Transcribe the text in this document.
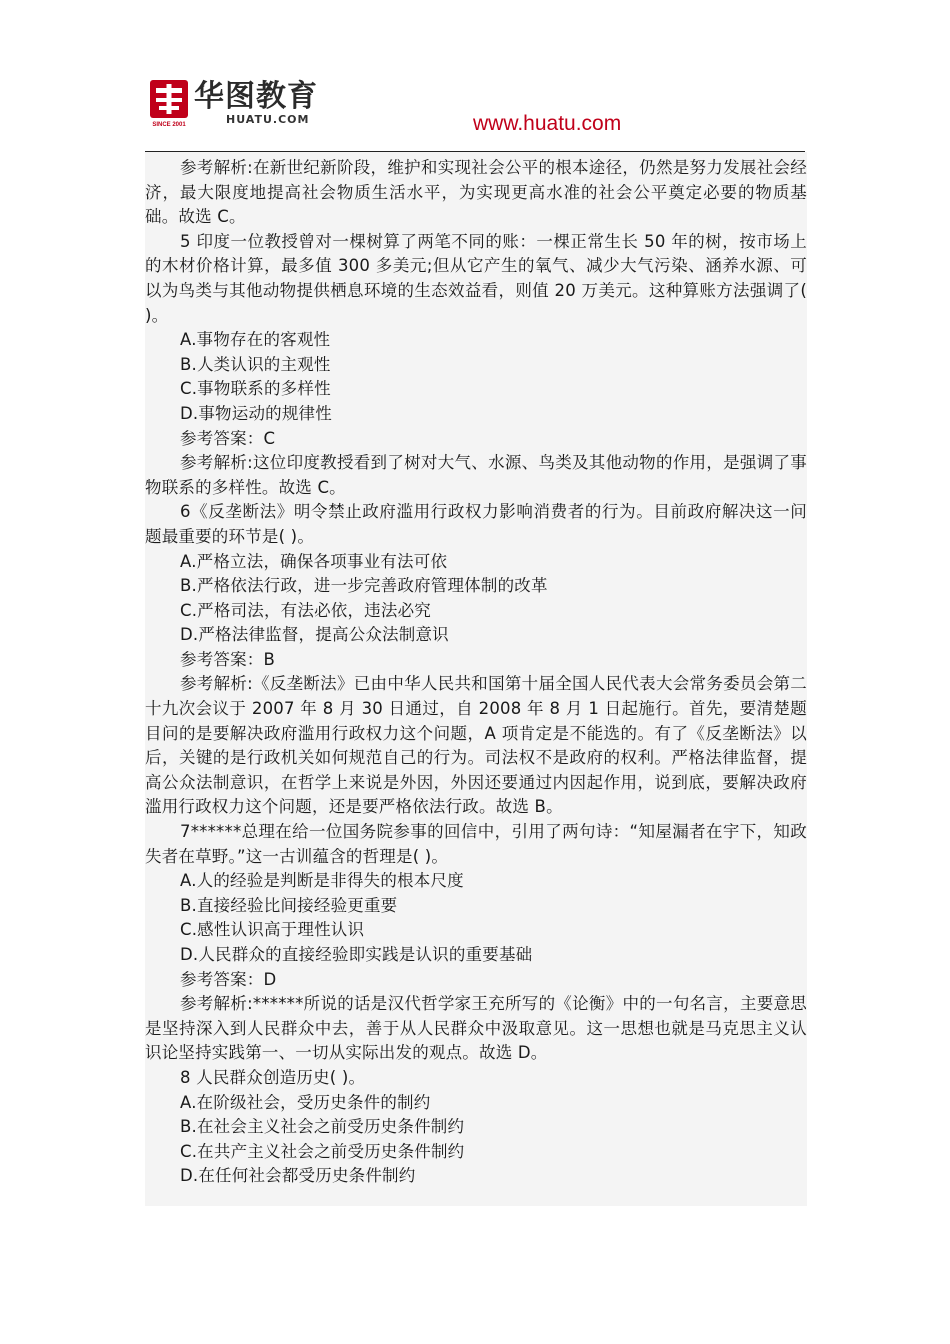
SINCE 2001
华图教育
HUATU.COM	www.huatu.com

参考解析:在新世纪新阶段，维护和实现社会公平的根本途径，仍然是努力发展社会经济，最大限度地提高社会物质生活水平，为实现更高水准的社会公平奠定必要的物质基础。故选 C。

5 印度一位教授曾对一棵树算了两笔不同的账：一棵正常生长 50 年的树，按市场上的木材价格计算，最多值 300 多美元;但从它产生的氧气、减少大气污染、涵养水源、可以为鸟类与其他动物提供栖息环境的生态效益看，则值 20 万美元。这种算账方法强调了( )。

A.事物存在的客观性

B.人类认识的主观性

C.事物联系的多样性

D.事物运动的规律性

参考答案：C

参考解析:这位印度教授看到了树对大气、水源、鸟类及其他动物的作用，是强调了事物联系的多样性。故选 C。

6《反垄断法》明令禁止政府滥用行政权力影响消费者的行为。目前政府解决这一问题最重要的环节是( )。

A.严格立法，确保各项事业有法可依

B.严格依法行政，进一步完善政府管理体制的改革

C.严格司法，有法必依，违法必究

D.严格法律监督，提高公众法制意识

参考答案：B

参考解析:《反垄断法》已由中华人民共和国第十届全国人民代表大会常务委员会第二十九次会议于 2007 年 8 月 30 日通过，自 2008 年 8 月 1 日起施行。首先，要清楚题目问的是要解决政府滥用行政权力这个问题，A 项肯定是不能选的。有了《反垄断法》以后，关键的是行政机关如何规范自己的行为。司法权不是政府的权利。严格法律监督，提高公众法制意识，在哲学上来说是外因，外因还要通过内因起作用，说到底，要解决政府滥用行政权力这个问题，还是要严格依法行政。故选 B。

7******总理在给一位国务院参事的回信中，引用了两句诗：“知屋漏者在宇下，知政失者在草野。”这一古训蕴含的哲理是( )。

A.人的经验是判断是非得失的根本尺度

B.直接经验比间接经验更重要

C.感性认识高于理性认识

D.人民群众的直接经验即实践是认识的重要基础

参考答案：D

参考解析:******所说的话是汉代哲学家王充所写的《论衡》中的一句名言，主要意思是坚持深入到人民群众中去，善于从人民群众中汲取意见。这一思想也就是马克思主义认识论坚持实践第一、一切从实际出发的观点。故选 D。

8 人民群众创造历史( )。

A.在阶级社会，受历史条件的制约

B.在社会主义社会之前受历史条件制约

C.在共产主义社会之前受历史条件制约

D.在任何社会都受历史条件制约
